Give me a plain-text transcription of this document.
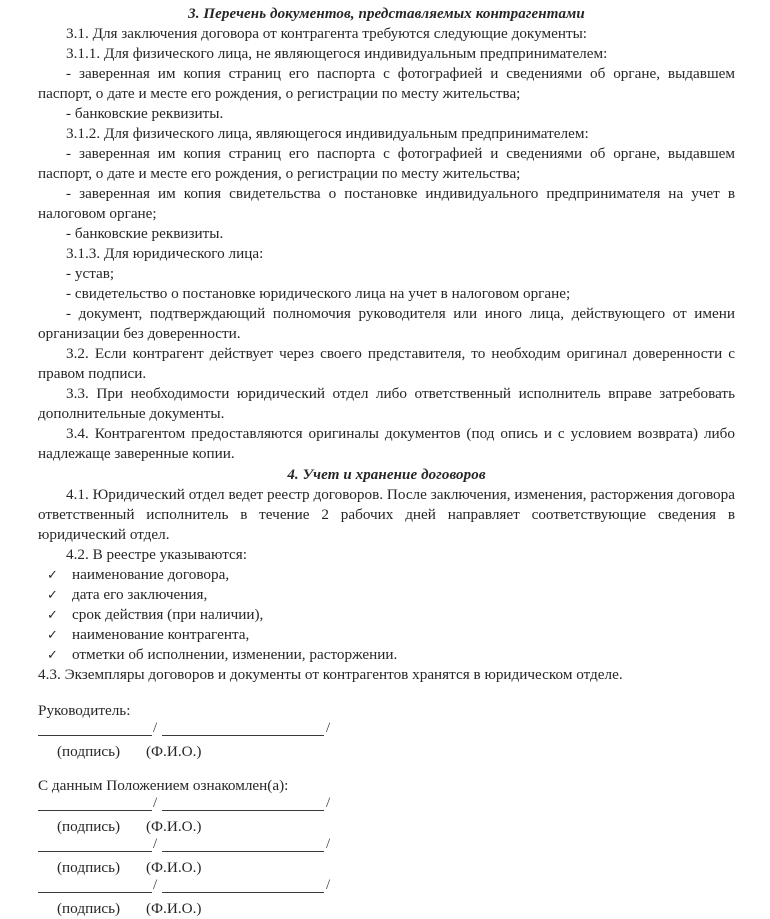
3. Перечень документов, представляемых контрагентами

3.1. Для заключения договора от контрагента требуются следующие документы:

3.1.1. Для физического лица, не являющегося индивидуальным предпринимателем:

- заверенная им копия страниц его паспорта с фотографией и сведениями об органе, выдавшем паспорт, о дате и месте его рождения, о регистрации по месту жительства;

- банковские реквизиты.

3.1.2. Для физического лица, являющегося индивидуальным предпринимателем:

- заверенная им копия страниц его паспорта с фотографией и сведениями об органе, выдавшем паспорт, о дате и месте его рождения, о регистрации по месту жительства;

- заверенная им копия свидетельства о постановке индивидуального предпринимателя на учет в налоговом органе;

- банковские реквизиты.

3.1.3. Для юридического лица:

- устав;

- свидетельство о постановке юридического лица на учет в налоговом органе;

- документ, подтверждающий полномочия руководителя или иного лица, действующего от имени организации без доверенности.

3.2. Если контрагент действует через своего представителя, то необходим оригинал доверенности с правом подписи.

3.3. При необходимости юридический отдел либо ответственный исполнитель вправе затребовать дополнительные документы.

3.4. Контрагентом предоставляются оригиналы документов (под опись и с условием возврата) либо надлежаще заверенные копии.

4. Учет и хранение договоров

4.1. Юридический отдел ведет реестр договоров. После заключения, изменения, расторжения договора ответственный исполнитель в течение 2 рабочих дней направляет соответствующие сведения в юридический отдел.

4.2. В реестре указываются:

✓ наименование договора,
✓ дата его заключения,
✓ срок действия (при наличии),
✓ наименование контрагента,
✓ отметки об исполнении, изменении, расторжении.

4.3. Экземпляры договоров и документы от контрагентов хранятся в юридическом отделе.

Руководитель:

/	/
(подпись) (Ф.И.О.)

С данным Положением ознакомлен(а):

/	/
(подпись) (Ф.И.О.)
/	/
(подпись) (Ф.И.О.)
/	/
(подпись) (Ф.И.О.)
